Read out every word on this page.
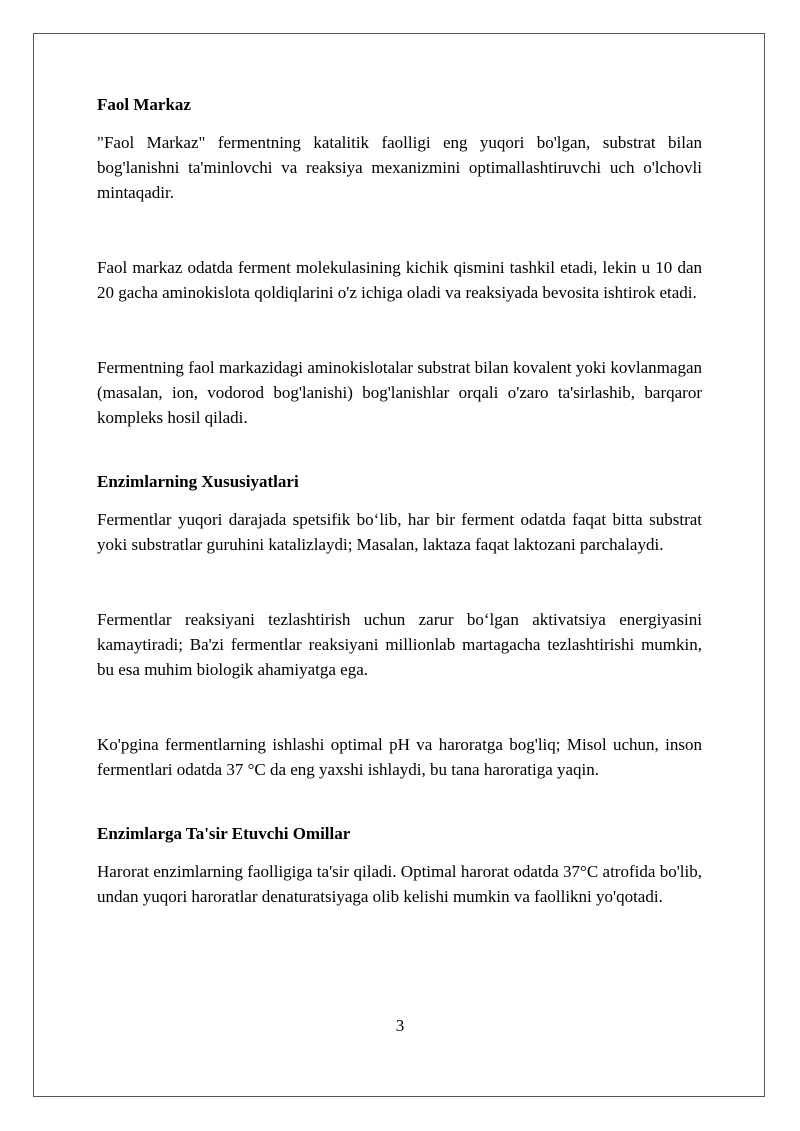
Faol Markaz

"Faol Markaz" fermentning katalitik faolligi eng yuqori bo'lgan, substrat bilan bog'lanishni ta'minlovchi va reaksiya mexanizmini optimallashtiruvchi uch o'lchovli mintaqadir.

Faol markaz odatda ferment molekulasining kichik qismini tashkil etadi, lekin u 10 dan 20 gacha aminokislota qoldiqlarini o'z ichiga oladi va reaksiyada bevosita ishtirok etadi.

Fermentning faol markazidagi aminokislotalar substrat bilan kovalent yoki kovlanmagan (masalan, ion, vodorod bog'lanishi) bog'lanishlar orqali o'zaro ta'sirlashib, barqaror kompleks hosil qiladi.

Enzimlarning Xususiyatlari

Fermentlar yuqori darajada spetsifik bo‘lib, har bir ferment odatda faqat bitta substrat yoki substratlar guruhini katalizlaydi; Masalan, laktaza faqat laktozani parchalaydi.

Fermentlar reaksiyani tezlashtirish uchun zarur bo‘lgan aktivatsiya energiyasini kamaytiradi; Ba'zi fermentlar reaksiyani millionlab martagacha tezlashtirishi mumkin, bu esa muhim biologik ahamiyatga ega.

Ko'pgina fermentlarning ishlashi optimal pH va haroratga bog'liq; Misol uchun, inson fermentlari odatda 37 °C da eng yaxshi ishlaydi, bu tana haroratiga yaqin.

Enzimlarga Ta'sir Etuvchi Omillar

Harorat enzimlarning faolligiga ta'sir qiladi. Optimal harorat odatda 37°C atrofida bo'lib, undan yuqori haroratlar denaturatsiyaga olib kelishi mumkin va faollikni yo'qotadi.

3
